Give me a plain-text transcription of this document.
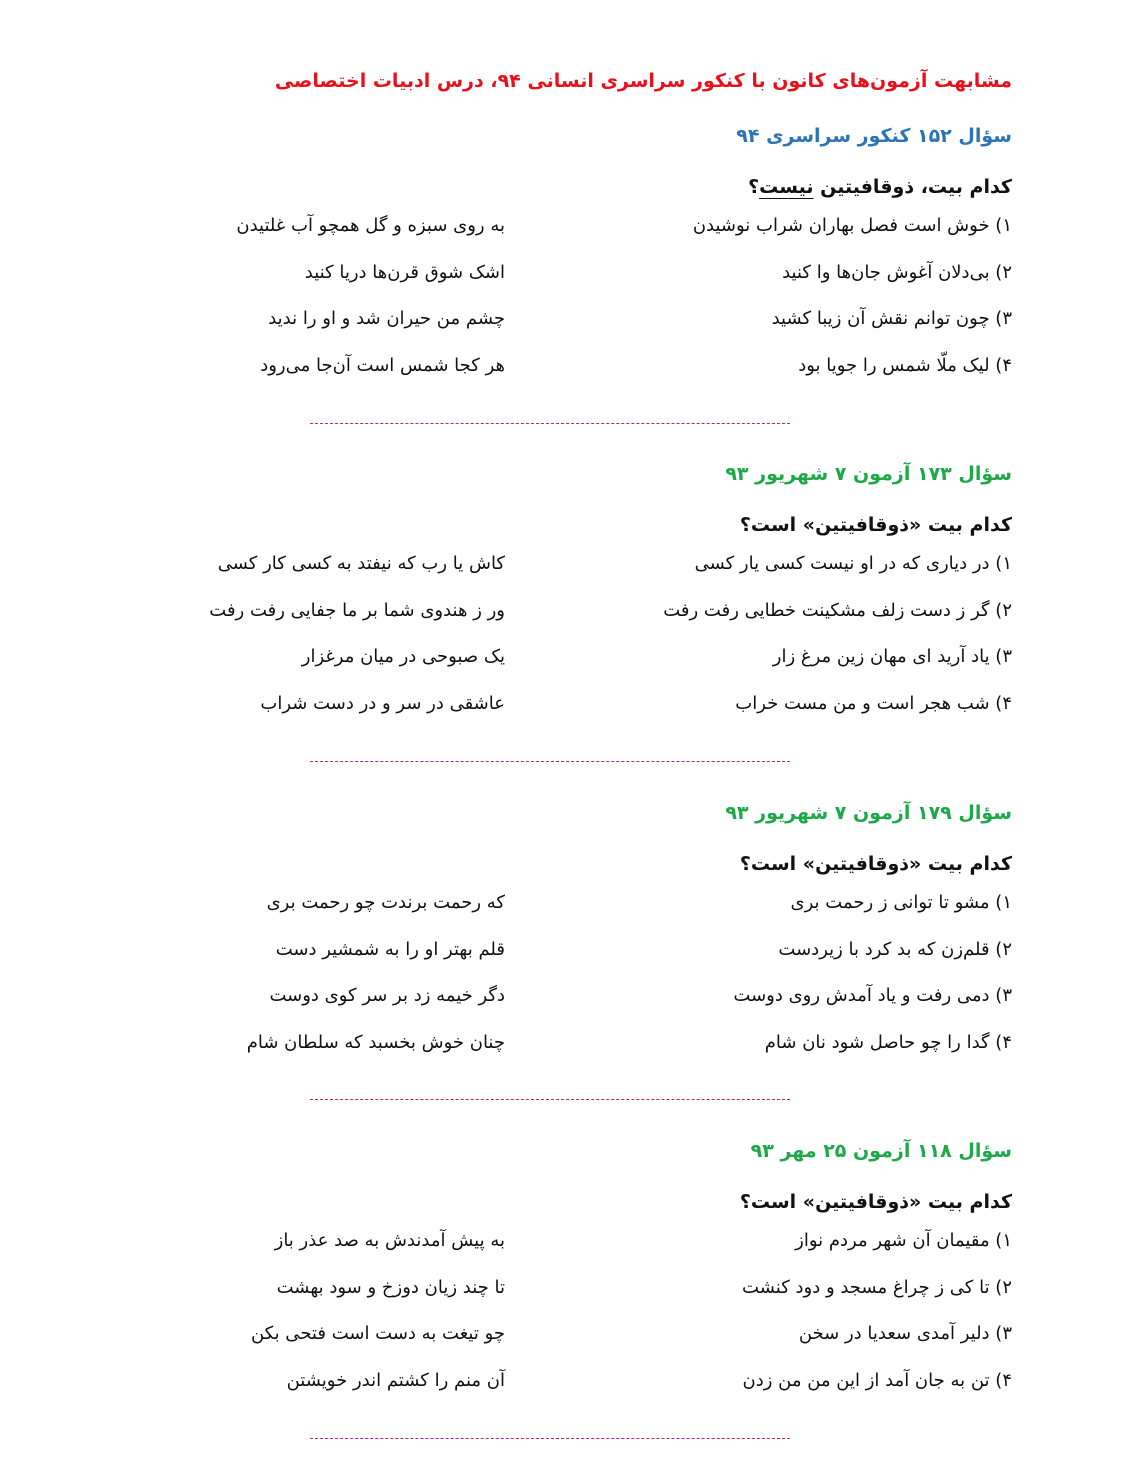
مشابهت آزمون‌های کانون با کنکور سراسری انسانی ۹۴، درس ادبیات اختصاصی
سؤال ۱۵۲ کنکور سراسری ۹۴
کدام بیت، ذوقافیتین نیست؟
۱) خوش است فصل بهاران شراب نوشیدن
به روی سبزه و گل همچو آب غلتیدن
۲) بی‌دلان آغوش جان‌ها وا کنید
اشک شوق قرن‌ها دریا کنید
۳) چون توانم نقش آن زیبا کشید
چشم من حیران شد و او را ندید
۴) لیک ملّا شمس را جویا بود
هر کجا شمس است آن‌جا می‌رود
سؤال ۱۷۳ آزمون ۷ شهریور ۹۳
کدام بیت «ذوقافیتین» است؟
۱) در دیاری که در او نیست کسی یار کسی
کاش یا رب که نیفتد به کسی کار کسی
۲) گر ز دست زلف مشکینت خطایی رفت رفت
ور ز هندوی شما بر ما جفایی رفت رفت
۳) یاد آرید ای مهان زین مرغ زار
یک صبوحی در میان مرغزار
۴) شب هجر است و من مست خراب
عاشقی در سر و در دست شراب
سؤال ۱۷۹ آزمون ۷ شهریور ۹۳
کدام بیت «ذوقافیتین» است؟
۱) مشو تا توانی ز رحمت بری
که رحمت برندت چو رحمت بری
۲) قلم‌زن که بد کرد با زیردست
قلم بهتر او را به شمشیر دست
۳) دمی رفت و یاد آمدش روی دوست
دگر خیمه زد بر سر کوی دوست
۴) گدا را چو حاصل شود نان شام
چنان خوش بخسبد که سلطان شام
سؤال ۱۱۸ آزمون ۲۵ مهر ۹۳
کدام بیت «ذوقافیتین» است؟
۱) مقیمان آن شهر مردم نواز
به پیش آمدندش به صد عذر باز
۲) تا کی ز چراغ مسجد و دود کنشت
تا چند زیان دوزخ و سود بهشت
۳) دلیر آمدی سعدیا در سخن
چو تیغت به دست است فتحی بکن
۴) تن به جان آمد از این من من زدن
آن منم را کشتم اندر خویشتن
